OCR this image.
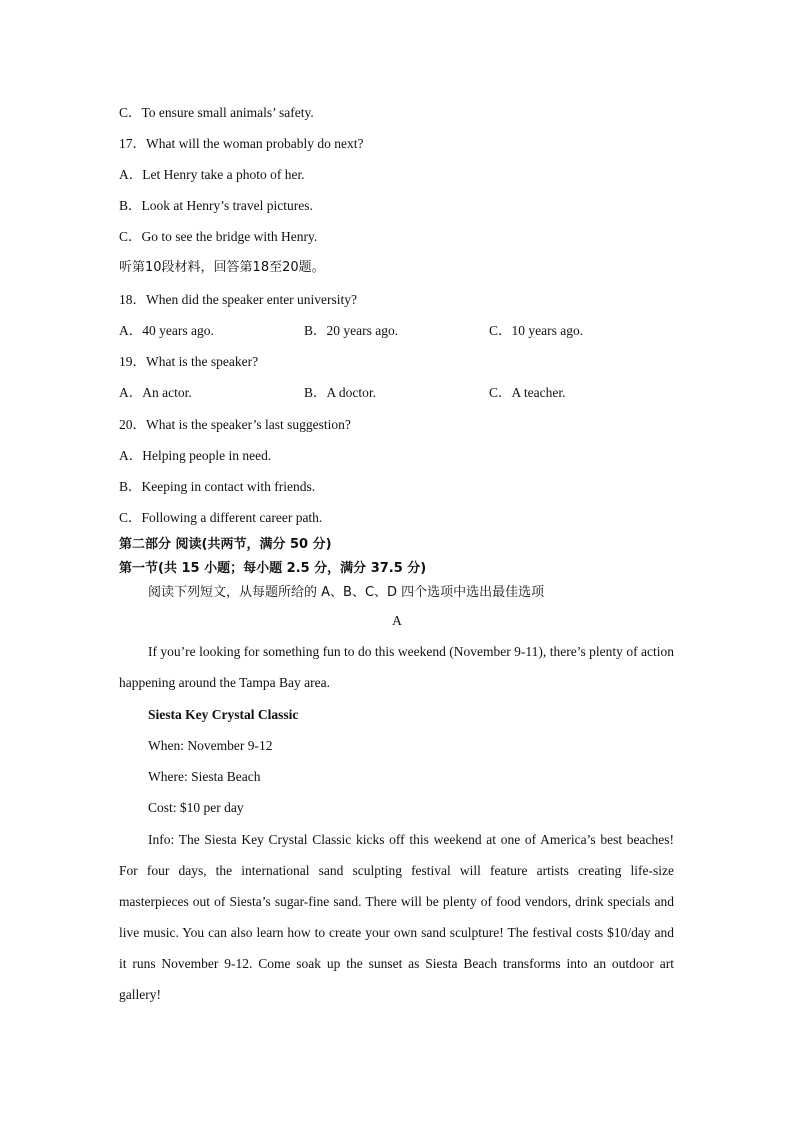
C．To ensure small animals’ safety.
17．What will the woman probably do next?
A．Let Henry take a photo of her.
B．Look at Henry’s travel pictures.
C．Go to see the bridge with Henry.
听第10段材料，回答第18至20题。
18．When did the speaker enter university?
A．40 years ago.	B．20 years ago.	C．10 years ago.
19．What is the speaker?
A．An actor.	B．A doctor.	C．A teacher.
20．What is the speaker’s last suggestion?
A．Helping people in need.
B．Keeping in contact with friends.
C．Following a different career path.
第二部分 阅读(共两节，满分 50 分)
第一节(共 15 小题；每小题 2.5 分，满分 37.5 分)
阅读下列短文，从每题所给的 A、B、C、D 四个选项中选出最佳选项
A
If you’re looking for something fun to do this weekend (November 9-11), there’s plenty of action happening around the Tampa Bay area.
Siesta Key Crystal Classic
When: November 9-12
Where: Siesta Beach
Cost: $10 per day
Info: The Siesta Key Crystal Classic kicks off this weekend at one of America’s best beaches! For four days, the international sand sculpting festival will feature artists creating life-size masterpieces out of Siesta’s sugar-fine sand. There will be plenty of food vendors, drink specials and live music. You can also learn how to create your own sand sculpture! The festival costs $10/day and it runs November 9-12. Come soak up the sunset as Siesta Beach transforms into an outdoor art gallery!
